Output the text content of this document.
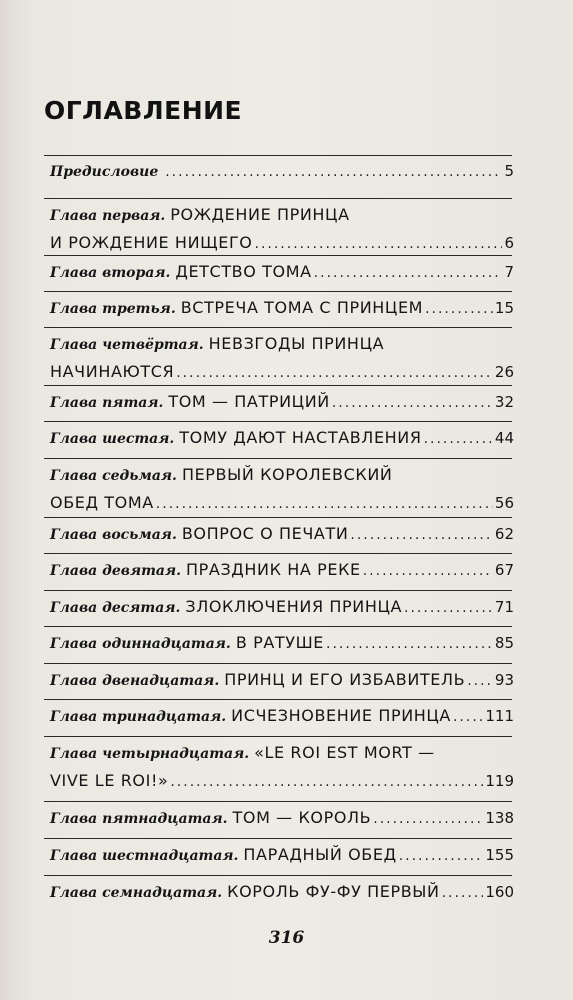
ОГЛАВЛЕНИЕ
Предисловие .....	5
Глава первая. РОЖДЕНИЕ ПРИНЦА
И РОЖДЕНИЕ НИЩЕГО .....	6
Глава вторая. ДЕТСТВО ТОМА .....	7
Глава третья. ВСТРЕЧА ТОМА С ПРИНЦЕМ .....	15
Глава четвёртая. НЕВЗГОДЫ ПРИНЦА
НАЧИНАЮТСЯ .....	26
Глава пятая. ТОМ — ПАТРИЦИЙ .....	32
Глава шестая. ТОМУ ДАЮТ НАСТАВЛЕНИЯ .....	44
Глава седьмая. ПЕРВЫЙ КОРОЛЕВСКИЙ
ОБЕД ТОМА .....	56
Глава восьмая. ВОПРОС О ПЕЧАТИ .....	62
Глава девятая. ПРАЗДНИК НА РЕКЕ .....	67
Глава десятая. ЗЛОКЛЮЧЕНИЯ ПРИНЦА .....	71
Глава одиннадцатая. В РАТУШЕ .....	85
Глава двенадцатая. ПРИНЦ И ЕГО ИЗБАВИТЕЛЬ ..... 93
Глава тринадцатая. ИСЧЕЗНОВЕНИЕ ПРИНЦА ..... 111
Глава четырнадцатая. «LE ROI EST MORT —
VIVE LE ROI!» .....	119
Глава пятнадцатая. ТОМ — КОРОЛЬ .....	138
Глава шестнадцатая. ПАРАДНЫЙ ОБЕД .....	155
Глава семнадцатая. КОРОЛЬ ФУ-ФУ ПЕРВЫЙ .....	160
316
